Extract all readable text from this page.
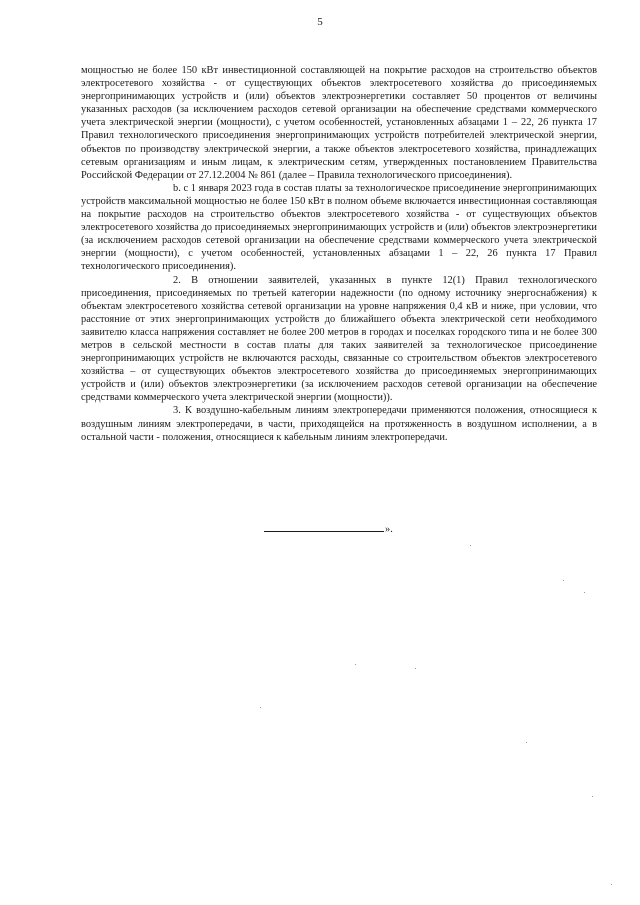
5

мощностью не более 150 кВт инвестиционной составляющей на покрытие расходов на строительство объектов электросетевого хозяйства - от существующих объектов электросетевого хозяйства до присоединяемых энергопринимающих устройств и (или) объектов электроэнергетики составляет 50 процентов от величины указанных расходов (за исключением расходов сетевой организации на обеспечение средствами коммерческого учета электрической энергии (мощности), с учетом особенностей, установленных абзацами 1 – 22, 26 пункта 17 Правил технологического присоединения энергопринимающих устройств потребителей электрической энергии, объектов по производству электрической энергии, а также объектов электросетевого хозяйства, принадлежащих сетевым организациям и иным лицам, к электрическим сетям, утвержденных постановлением Правительства Российской Федерации от 27.12.2004 № 861 (далее – Правила технологического присоединения).

b. с 1 января 2023 года в состав платы за технологическое присоединение энергопринимающих устройств максимальной мощностью не более 150 кВт в полном объеме включается инвестиционная составляющая на покрытие расходов на строительство объектов электросетевого хозяйства - от существующих объектов электросетевого хозяйства до присоединяемых энергопринимающих устройств и (или) объектов электроэнергетики (за исключением расходов сетевой организации на обеспечение средствами коммерческого учета электрической энергии (мощности), с учетом особенностей, установленных абзацами 1 – 22, 26 пункта 17 Правил технологического присоединения).

2. В отношении заявителей, указанных в пункте 12(1) Правил технологического присоединения, присоединяемых по третьей категории надежности (по одному источнику энергоснабжения) к объектам электросетевого хозяйства сетевой организации на уровне напряжения 0,4 кВ и ниже, при условии, что расстояние от этих энергопринимающих устройств до ближайшего объекта электрической сети необходимого заявителю класса напряжения составляет не более 200 метров в городах и поселках городского типа и не более 300 метров в сельской местности в состав платы для таких заявителей за технологическое присоединение энергопринимающих устройств не включаются расходы, связанные со строительством объектов электросетевого хозяйства – от существующих объектов электросетевого хозяйства до присоединяемых энергопринимающих устройств и (или) объектов электроэнергетики (за исключением расходов сетевой организации на обеспечение средствами коммерческого учета электрической энергии (мощности)).

3. К воздушно-кабельным линиям электропередачи применяются положения, относящиеся к воздушным линиям электропередачи, в части, приходящейся на протяженность в воздушном исполнении, а в остальной части - положения, относящиеся к кабельным линиям электропередачи.

».
